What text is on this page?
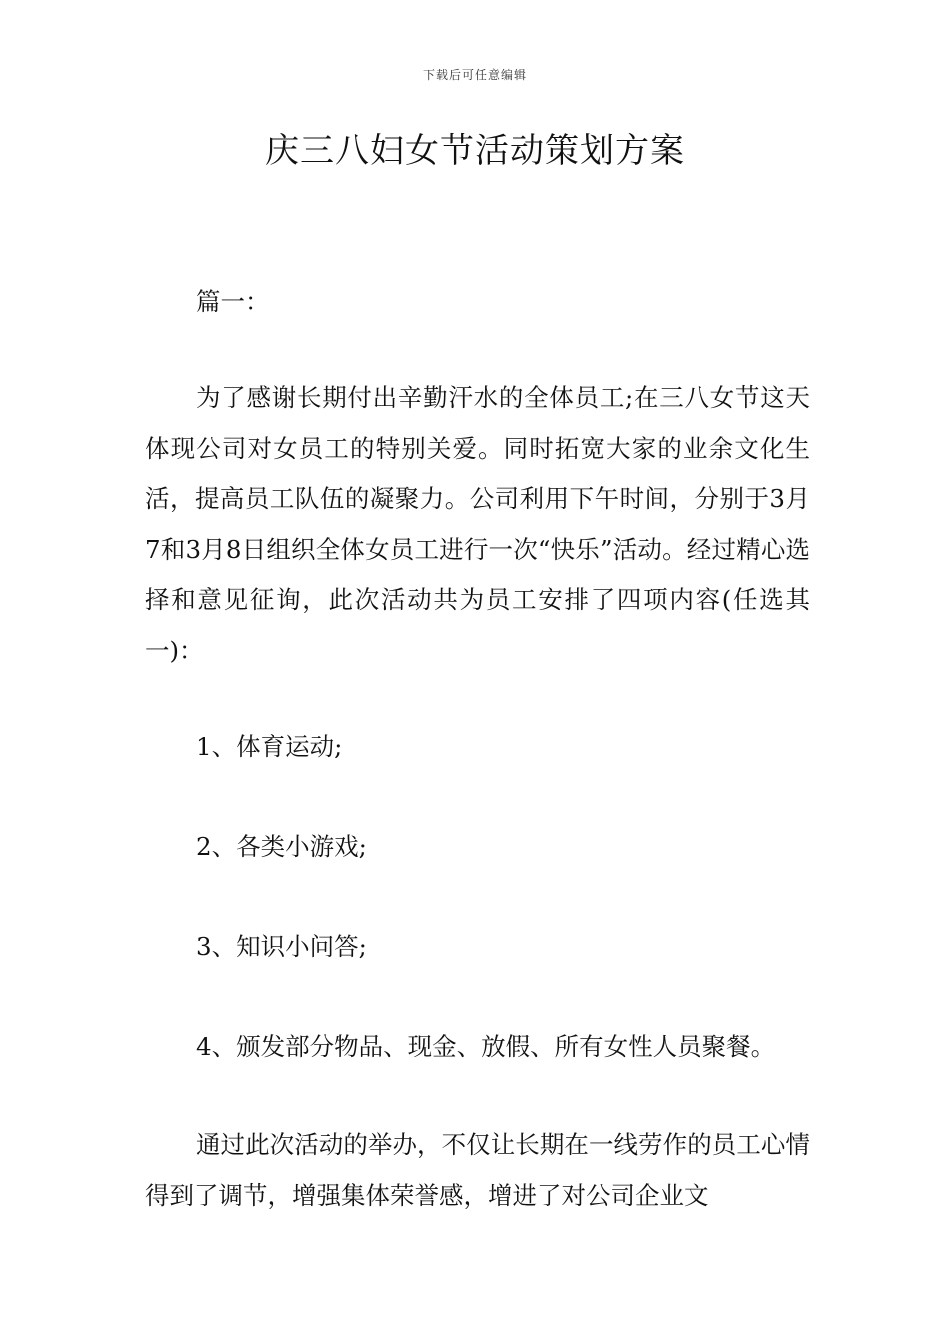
下载后可任意编辑
庆三八妇女节活动策划方案

篇一：

为了感谢长期付出辛勤汗水的全体员工;在三八女节这天体现公司对女员工的特别关爱。同时拓宽大家的业余文化生活，提高员工队伍的凝聚力。公司利用下午时间，分别于3月7和3月8日组织全体女员工进行一次“快乐”活动。经过精心选择和意见征询，此次活动共为员工安排了四项内容(任选其一)：

1、体育运动;

2、各类小游戏;

3、知识小问答;

4、颁发部分物品、现金、放假、所有女性人员聚餐。

通过此次活动的举办，不仅让长期在一线劳作的员工心情得到了调节，增强集体荣誉感，增进了对公司企业文
